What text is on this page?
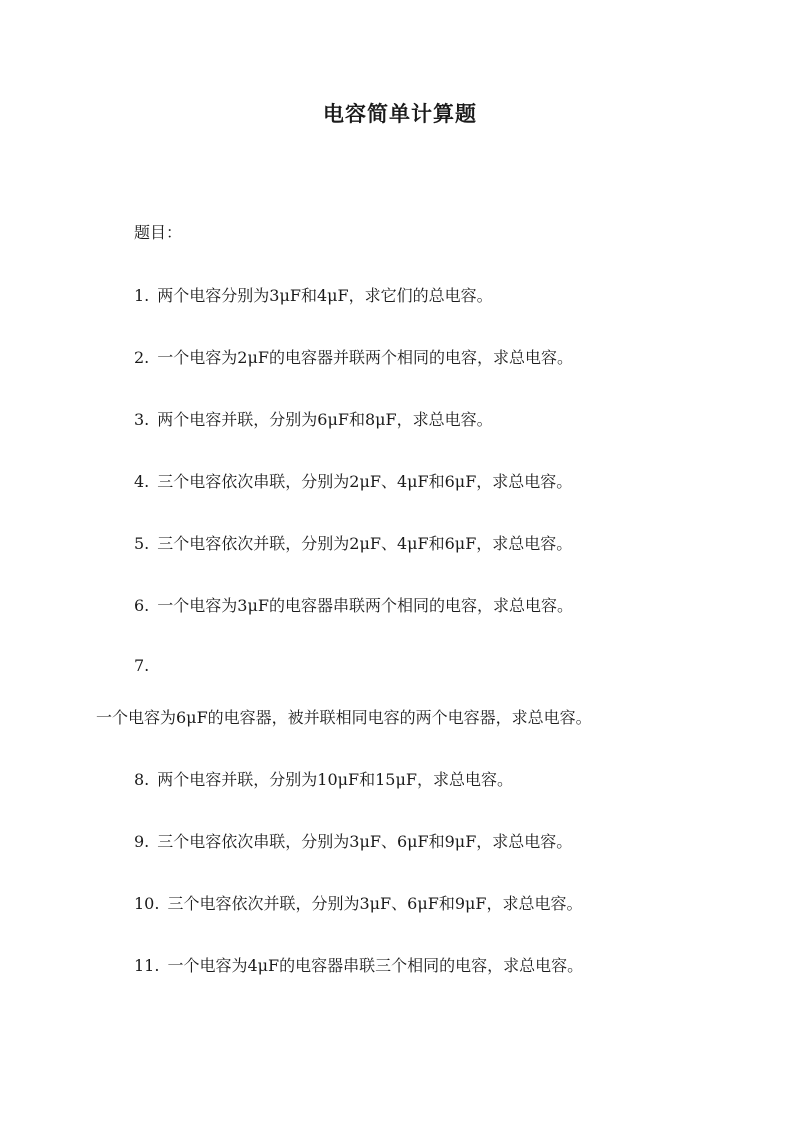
电容简单计算题

题目：

1. 两个电容分别为3μF和4μF，求它们的总电容。

2. 一个电容为2μF的电容器并联两个相同的电容，求总电容。

3. 两个电容并联，分别为6μF和8μF，求总电容。

4. 三个电容依次串联，分别为2μF、4μF和6μF，求总电容。

5. 三个电容依次并联，分别为2μF、4μF和6μF，求总电容。

6. 一个电容为3μF的电容器串联两个相同的电容，求总电容。

7.

一个电容为6μF的电容器，被并联相同电容的两个电容器，求总电容。

8. 两个电容并联，分别为10μF和15μF，求总电容。

9. 三个电容依次串联，分别为3μF、6μF和9μF，求总电容。

10. 三个电容依次并联，分别为3μF、6μF和9μF，求总电容。

11. 一个电容为4μF的电容器串联三个相同的电容，求总电容。
